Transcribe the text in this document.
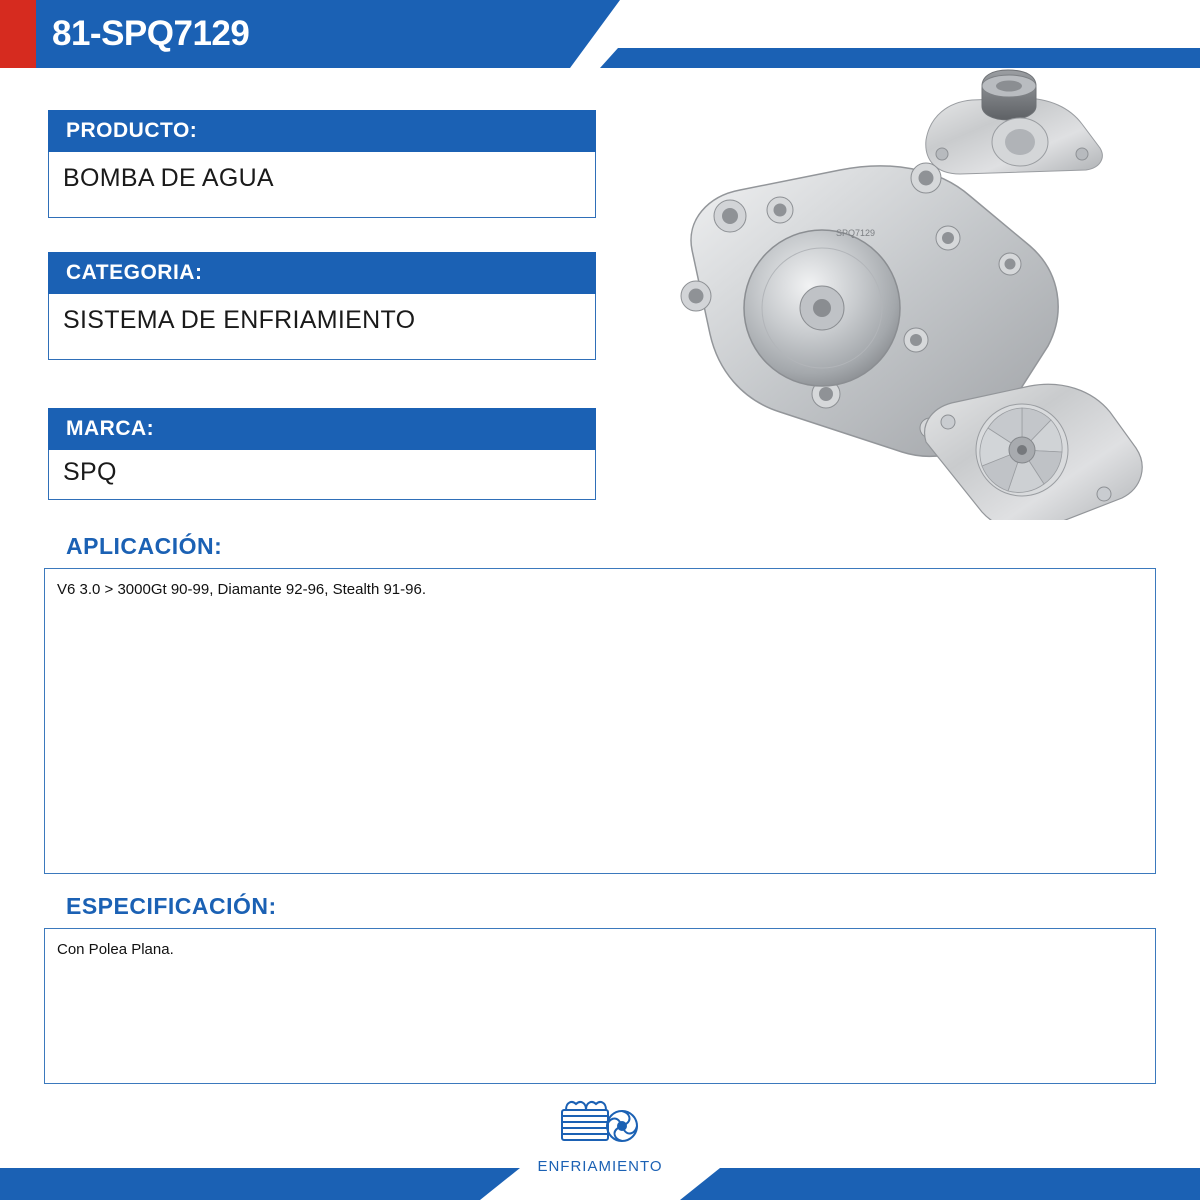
81-SPQ7129
SPQ7129
PRODUCTO:
BOMBA DE AGUA
CATEGORIA:
SISTEMA DE ENFRIAMIENTO
MARCA:
SPQ
APLICACIÓN:
V6 3.0 > 3000Gt 90-99, Diamante 92-96, Stealth 91-96.
ESPECIFICACIÓN:
Con Polea Plana.
ENFRIAMIENTO
